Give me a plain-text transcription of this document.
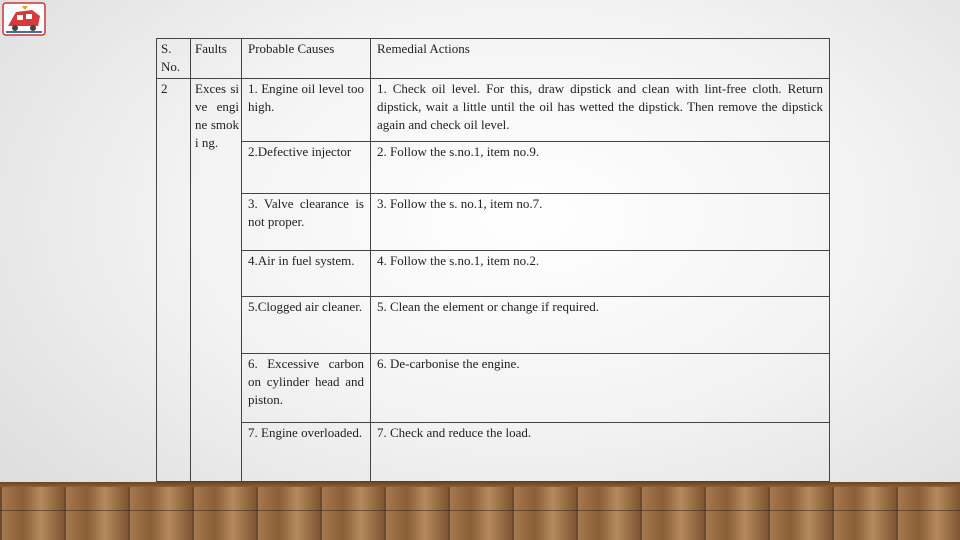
S. No.	Faults	Probable Causes	Remedial Actions
2	Exces sive engine smoki ng.	1. Engine oil level too high.	1. Check oil level. For this, draw dipstick and clean with lint-free cloth. Return dipstick, wait a little until the oil has wetted the dipstick. Then remove the dipstick again and check oil level.
		2.Defective injector	2. Follow the s.no.1, item no.9.
		3. Valve clearance is not proper.	3. Follow the s. no.1, item no.7.
		4.Air in fuel system.	4. Follow the s.no.1, item no.2.
		5.Clogged air cleaner.	5. Clean the element or change if required.
		6. Excessive carbon on cylinder head and piston.	6. De-carbonise the engine.
		7. Engine overloaded.	7. Check and reduce the load.
